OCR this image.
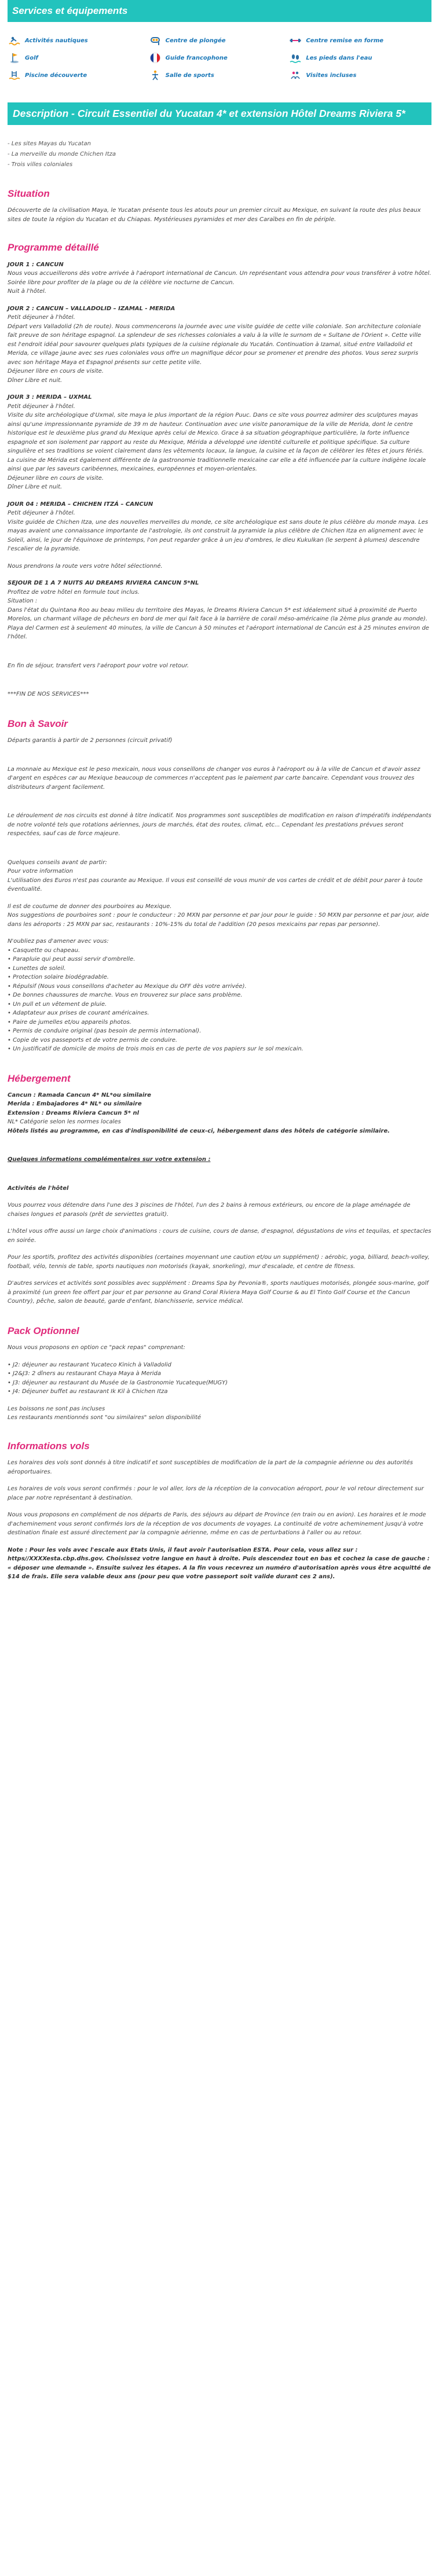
Services et équipements
Activités nautiques	Centre de plongée	Centre remise en forme
Golf	Guide francophone	Les pieds dans l'eau
Piscine découverte	Salle de sports	Visites incluses
Description - Circuit Essentiel du Yucatan 4* et extension Hôtel Dreams Riviera 5*
- Les sites Mayas du Yucatan
- La merveille du monde Chichen Itza
- Trois villes coloniales
Situation

Découverte de la civilisation Maya, le Yucatan présente tous les atouts pour un premier circuit au Mexique, en suivant la route des plus beaux sites de toute la région du Yucatan et du Chiapas. Mystérieuses pyramides et mer des Caraïbes en fin de périple.

Programme détaillé

JOUR 1 : CANCUN

Nous vous accueillerons dès votre arrivée à l'aéroport international de Cancun. Un représentant vous attendra pour vous transférer à votre hôtel. Soirée libre pour profiter de la plage ou de la célèbre vie nocturne de Cancun.

Nuit à l'hôtel.

JOUR 2 : CANCUN – VALLADOLID – IZAMAL - MERIDA

Petit déjeuner à l'hôtel.

Départ vers Valladolid (2h de route). Nous commencerons la journée avec une visite guidée de cette ville coloniale. Son architecture coloniale fait preuve de son héritage espagnol. La splendeur de ses richesses coloniales a valu à la ville le surnom de « Sultane de l'Orient ». Cette ville est l'endroit idéal pour savourer quelques plats typiques de la cuisine régionale du Yucatán. Continuation à Izamal, situé entre Valladolid et Merida, ce village jaune avec ses rues coloniales vous offre un magnifique décor pour se promener et prendre des photos. Vous serez surpris avec son héritage Maya et Espagnol présents sur cette petite ville.

Déjeuner libre en cours de visite.

Dîner Libre et nuit.

JOUR 3 : MERIDA – UXMAL

Petit déjeuner à l'hôtel.

Visite du site archéologique d'Uxmal, site maya le plus important de la région Puuc. Dans ce site vous pourrez admirer des sculptures mayas ainsi qu'une impressionnante pyramide de 39 m de hauteur. Continuation avec une visite panoramique de la ville de Merida, dont le centre historique est le deuxième plus grand du Mexique après celui de Mexico. Grace à sa situation géographique particulière, la forte influence espagnole et son isolement par rapport au reste du Mexique, Mérida a développé une identité culturelle et politique spécifique. Sa culture singulière et ses traditions se voient clairement dans les vêtements locaux, la langue, la cuisine et la façon de célébrer les fêtes et jours fériés. La cuisine de Mérida est également différente de la gastronomie traditionnelle mexicaine car elle a été influencée par la culture indigène locale ainsi que par les saveurs caribéennes, mexicaines, européennes et moyen-orientales.

Déjeuner libre en cours de visite.

Dîner Libre et nuit.

JOUR 04 : MERIDA – CHICHEN ITZÁ – CANCUN

Petit déjeuner à l'hôtel.

Visite guidée de Chichen Itza, une des nouvelles merveilles du monde, ce site archéologique est sans doute le plus célèbre du monde maya. Les mayas avaient une connaissance importante de l'astrologie, ils ont construit la pyramide la plus célèbre de Chichen Itza en alignement avec le Soleil, ainsi, le jour de l'équinoxe de printemps, l'on peut regarder grâce à un jeu d'ombres, le dieu Kukulkan (le serpent à plumes) descendre l'escalier de la pyramide.

Nous prendrons la route vers votre hôtel sélectionné.

SEJOUR DE 1 A 7 NUITS AU DREAMS RIVIERA CANCUN 5*NL

Profitez de votre hôtel en formule tout inclus.

Situation :

Dans l'état du Quintana Roo au beau milieu du territoire des Mayas, le Dreams Riviera Cancun 5* est idéalement situé à proximité de Puerto Morelos, un charmant village de pêcheurs en bord de mer qui fait face à la barrière de corail méso-américaine (la 2ème plus grande au monde).

Playa del Carmen est à seulement 40 minutes, la ville de Cancun à 50 minutes et l'aéroport international de Cancún est à 25 minutes environ de l'hôtel.

En fin de séjour, transfert vers l'aéroport pour votre vol retour.

***FIN DE NOS SERVICES***

Bon à Savoir

Départs garantis à partir de 2 personnes (circuit privatif)

La monnaie au Mexique est le peso mexicain, nous vous conseillons de changer vos euros à l'aéroport ou à la ville de Cancun et d'avoir assez d'argent en espèces car au Mexique beaucoup de commerces n'acceptent pas le paiement par carte bancaire. Cependant vous trouvez des distributeurs d'argent facilement.

Le déroulement de nos circuits est donné à titre indicatif. Nos programmes sont susceptibles de modification en raison d'impératifs indépendants de notre volonté tels que rotations aériennes, jours de marchés, état des routes, climat, etc... Cependant les prestations prévues seront respectées, sauf cas de force majeure.

Quelques conseils avant de partir:

Pour votre information

L'utilisation des Euros n'est pas courante au Mexique. Il vous est conseillé de vous munir de vos cartes de crédit et de débit pour parer à toute éventualité.

Il est de coutume de donner des pourboires au Mexique.

Nos suggestions de pourboires sont : pour le conducteur : 20 MXN par personne et par jour pour le guide : 50 MXN par personne et par jour, aide dans les aéroports : 25 MXN par sac, restaurants : 10%-15% du total de l'addition (20 pesos mexicains par repas par personne).

N'oubliez pas d'amener avec vous:

• Casquette ou chapeau.
• Parapluie qui peut aussi servir d'ombrelle.
• Lunettes de soleil.
• Protection solaire biodégradable.
• Répulsif (Nous vous conseillons d'acheter au Mexique du OFF dès votre arrivée).
• De bonnes chaussures de marche. Vous en trouverez sur place sans problème.
• Un pull et un vêtement de pluie.
• Adaptateur aux prises de courant américaines.
• Paire de jumelles et/ou appareils photos.
• Permis de conduire original (pas besoin de permis international).
• Copie de vos passeports et de votre permis de conduire.
• Un justificatif de domicile de moins de trois mois en cas de perte de vos papiers sur le sol mexicain.
Hébergement

Cancun : Ramada Cancun 4* NL*ou similaire

Merida : Embajadores 4* NL* ou similaire

Extension : Dreams Riviera Cancun 5* nl

NL* Catégorie selon les normes locales

Hôtels listés au programme, en cas d'indisponibilité de ceux-ci, hébergement dans des hôtels de catégorie similaire.

Quelques informations complémentaires sur votre extension :

Activités de l'hôtel

Vous pourrez vous détendre dans l'une des 3 piscines de l'hôtel, l'un des 2 bains à remous extérieurs, ou encore de la plage aménagée de chaises longues et parasols (prêt de serviettes gratuit).

L'hôtel vous offre aussi un large choix d'animations : cours de cuisine, cours de danse, d'espagnol, dégustations de vins et tequilas, et spectacles en soirée.

Pour les sportifs, profitez des activités disponibles (certaines moyennant une caution et/ou un supplément) : aérobic, yoga, billiard, beach-volley, football, vélo, tennis de table, sports nautiques non motorisés (kayak, snorkeling), mur d'escalade, et centre de fitness.

D'autres services et activités sont possibles avec supplément : Dreams Spa by Pevonia®, sports nautiques motorisés, plongée sous-marine, golf à proximité (un green fee offert par jour et par personne au Grand Coral Riviera Maya Golf Course & au El Tinto Golf Course et the Cancun Country), pêche, salon de beauté, garde d'enfant, blanchisserie, service médical.

Pack Optionnel

Nous vous proposons en option ce "pack repas" comprenant:

• J2: déjeuner au restaurant Yucateco Kinich à Valladolid
• J2&J3: 2 dîners au restaurant Chaya Maya à Merida
• J3: déjeuner au restaurant du Musée de la Gastronomie Yucateque(MUGY)
• J4: Déjeuner buffet au restaurant Ik Kil à Chichen Itza

Les boissons ne sont pas incluses

Les restaurants mentionnés sont "ou similaires" selon disponibilité

Informations vols

Les horaires des vols sont donnés à titre indicatif et sont susceptibles de modification de la part de la compagnie aérienne ou des autorités aéroportuaires.

Les horaires de vols vous seront confirmés : pour le vol aller, lors de la réception de la convocation aéroport, pour le vol retour directement sur place par notre représentant à destination.

Nous vous proposons en complément de nos départs de Paris, des séjours au départ de Province (en train ou en avion). Les horaires et le mode d'acheminement vous seront confirmés lors de la réception de vos documents de voyages. La continuité de votre acheminement jusqu'à votre destination finale est assuré directement par la compagnie aérienne, même en cas de perturbations à l'aller ou au retour.

Note : Pour les vols avec l'escale aux Etats Unis, il faut avoir l'autorisation ESTA. Pour cela, vous allez sur : https//XXXXesta.cbp.dhs.gov. Choisissez votre langue en haut à droite. Puis descendez tout en bas et cochez la case de gauche : « déposer une demande ». Ensuite suivez les étapes. A la fin vous recevrez un numéro d'autorisation après vous être acquitté de $14 de frais. Elle sera valable deux ans (pour peu que votre passeport soit valide durant ces 2 ans).
